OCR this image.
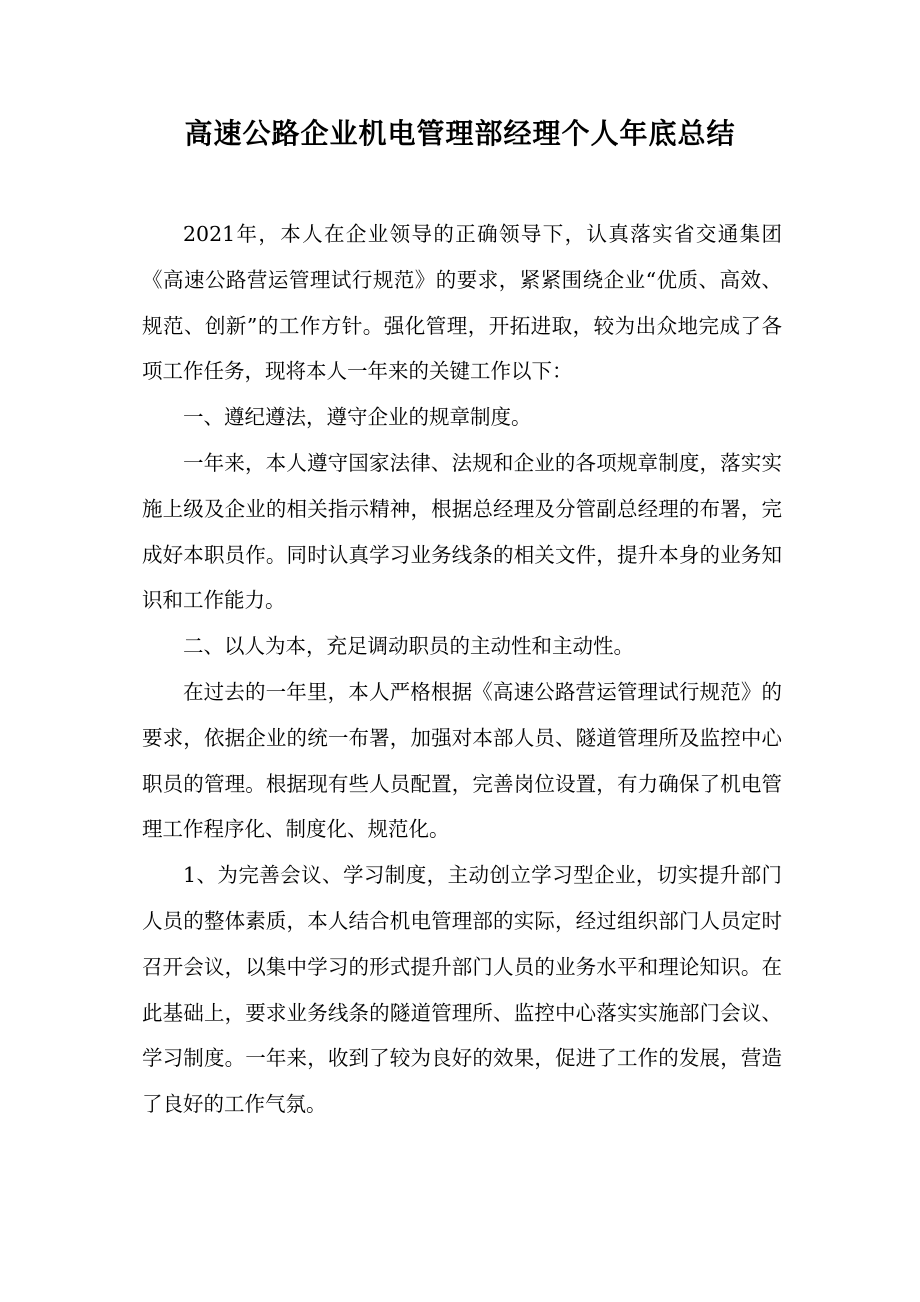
高速公路企业机电管理部经理个人年底总结

2021年，本人在企业领导的正确领导下，认真落实省交通集团《高速公路营运管理试行规范》的要求，紧紧围绕企业“优质、高效、规范、创新”的工作方针。强化管理，开拓进取，较为出众地完成了各项工作任务，现将本人一年来的关键工作以下：

一、遵纪遵法，遵守企业的规章制度。

一年来，本人遵守国家法律、法规和企业的各项规章制度，落实实施上级及企业的相关指示精神，根据总经理及分管副总经理的布署，完成好本职员作。同时认真学习业务线条的相关文件，提升本身的业务知识和工作能力。

二、以人为本，充足调动职员的主动性和主动性。

在过去的一年里，本人严格根据《高速公路营运管理试行规范》的要求，依据企业的统一布署，加强对本部人员、隧道管理所及监控中心职员的管理。根据现有些人员配置，完善岗位设置，有力确保了机电管理工作程序化、制度化、规范化。

1、为完善会议、学习制度，主动创立学习型企业，切实提升部门人员的整体素质，本人结合机电管理部的实际，经过组织部门人员定时召开会议，以集中学习的形式提升部门人员的业务水平和理论知识。在此基础上，要求业务线条的隧道管理所、监控中心落实实施部门会议、学习制度。一年来，收到了较为良好的效果，促进了工作的发展，营造了良好的工作气氛。
